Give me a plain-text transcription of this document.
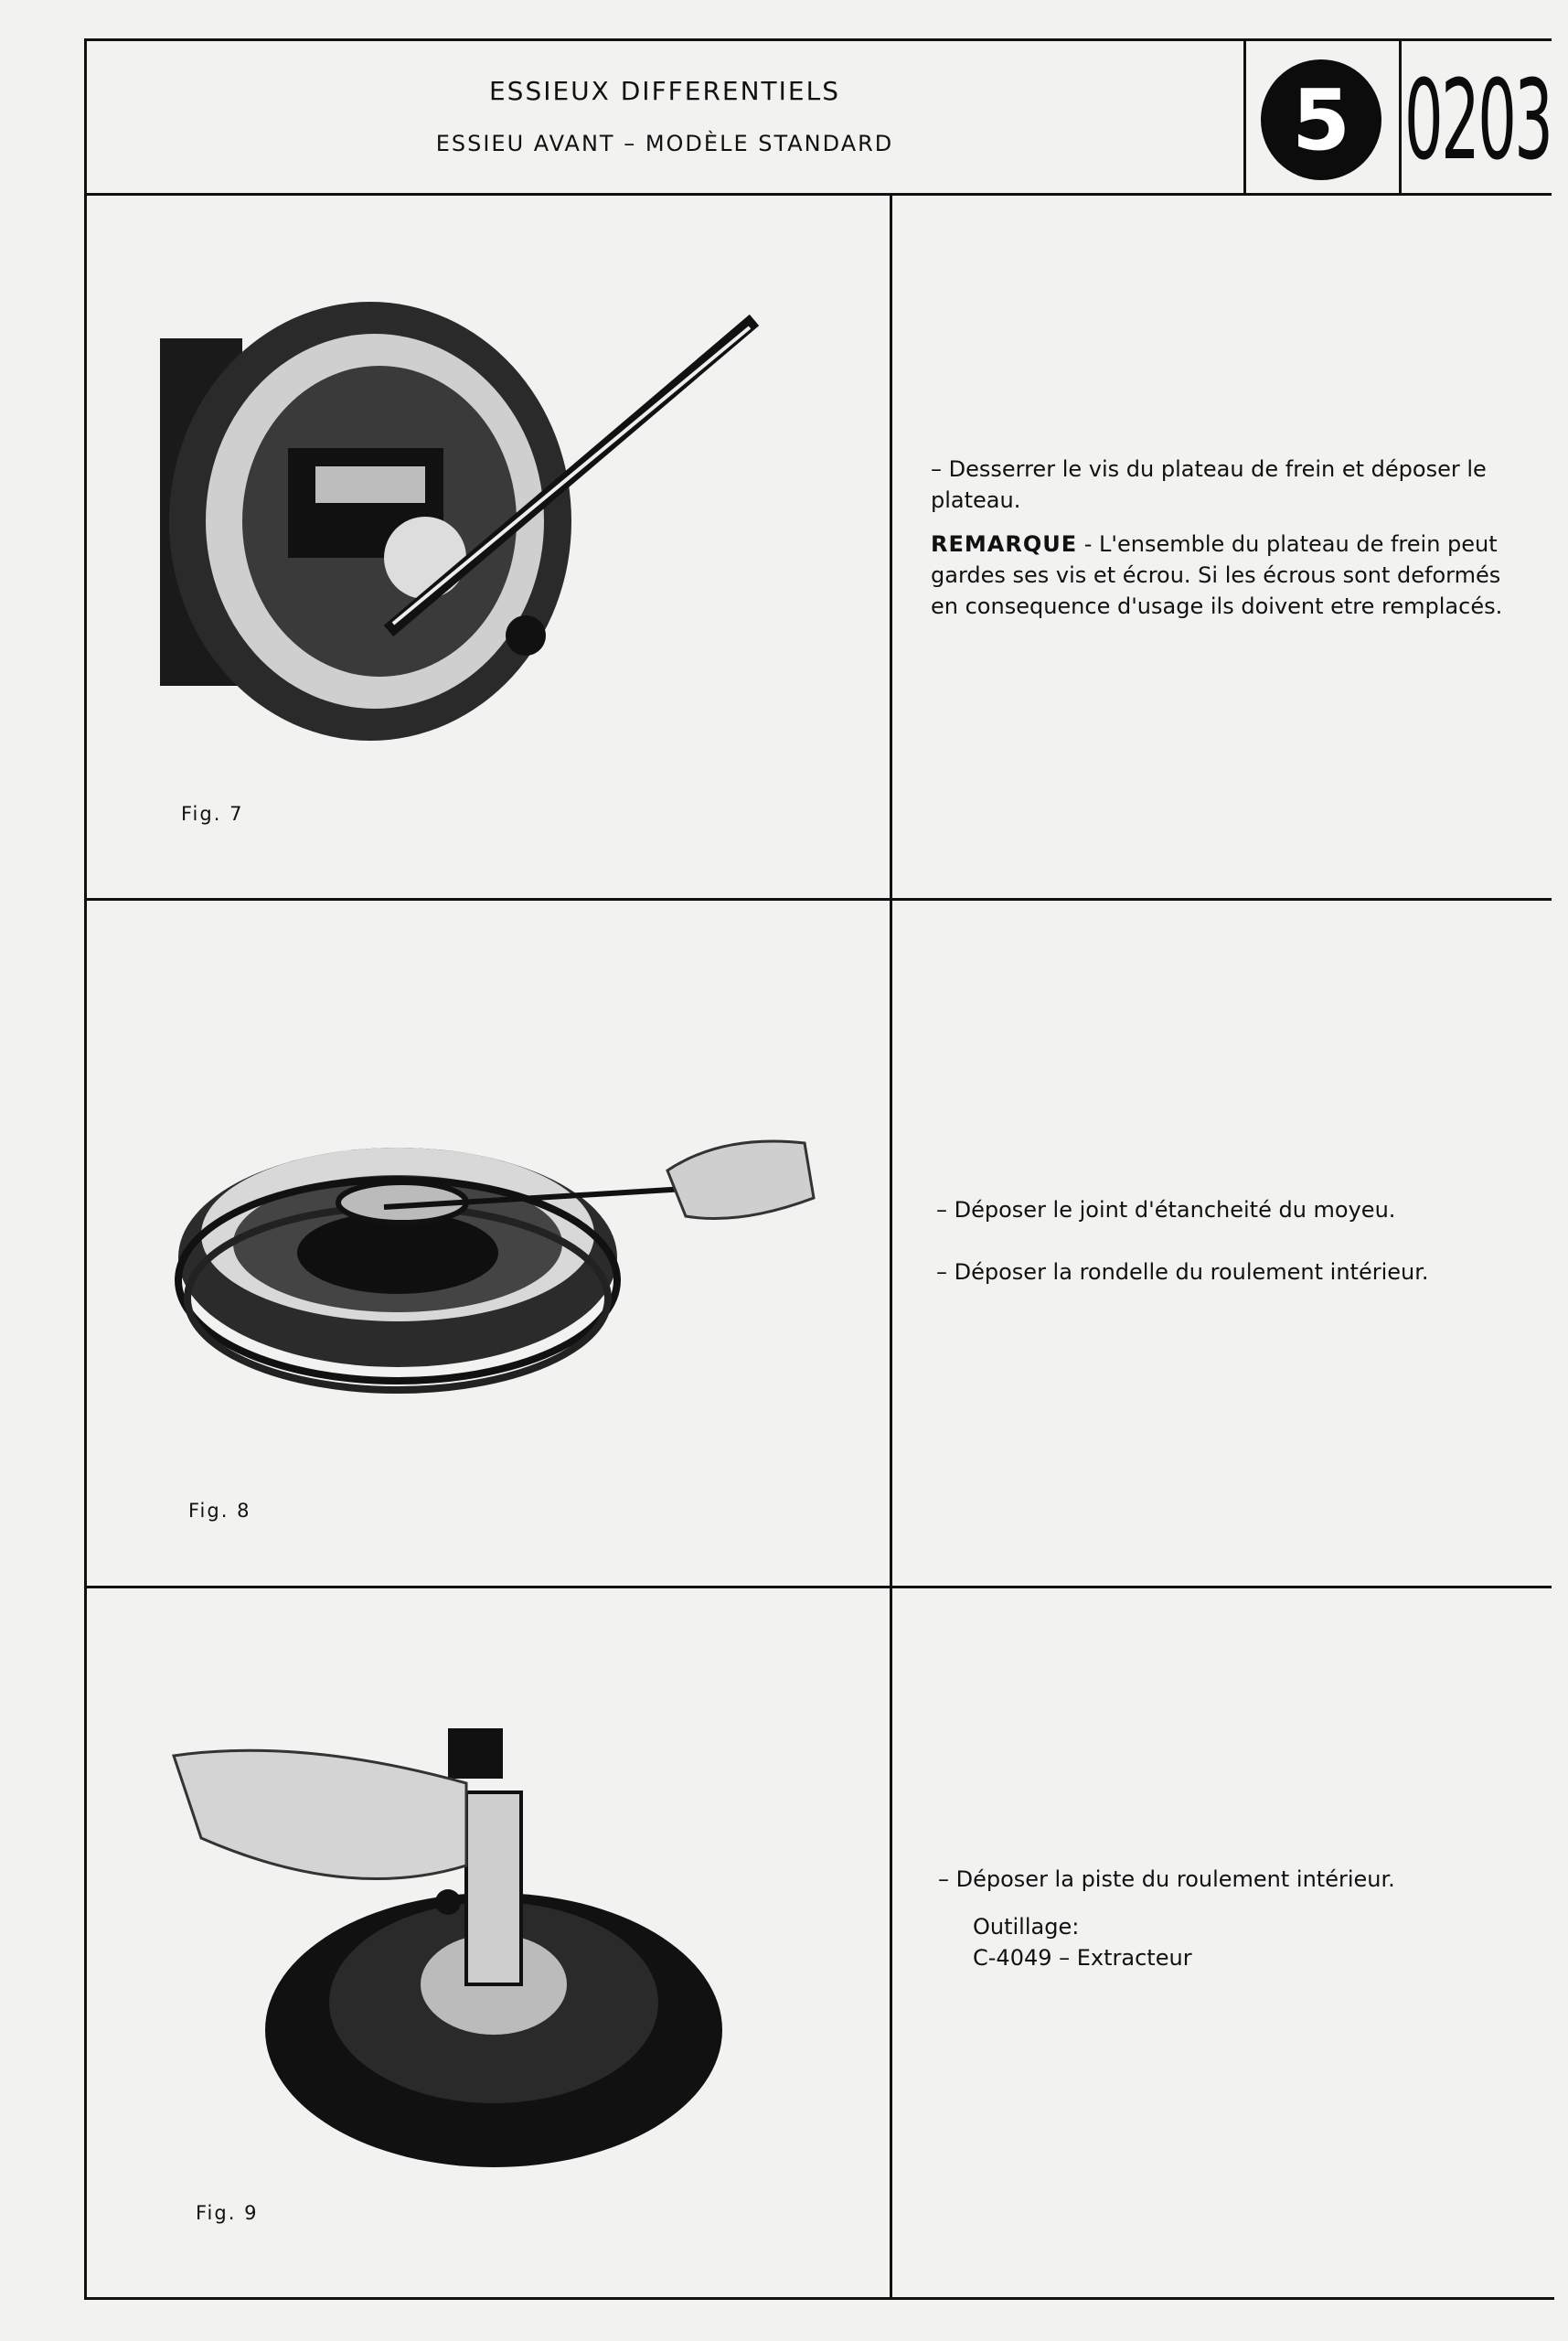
ESSIEUX DIFFERENTIELS
ESSIEU AVANT – MODÈLE STANDARD	5 0203
Fig. 7
– Desserrer le vis du plateau de frein et déposer le plateau.
REMARQUE - L'ensemble du plateau de frein peut gardes ses vis et écrou. Si les écrous sont deformés en consequence d'usage ils doivent etre remplacés.
Fig. 8
– Déposer le joint d'étancheité du moyeu.
– Déposer la rondelle du roulement intérieur.
Fig. 9
– Déposer la piste du roulement intérieur.
Outillage:
C-4049 – Extracteur
